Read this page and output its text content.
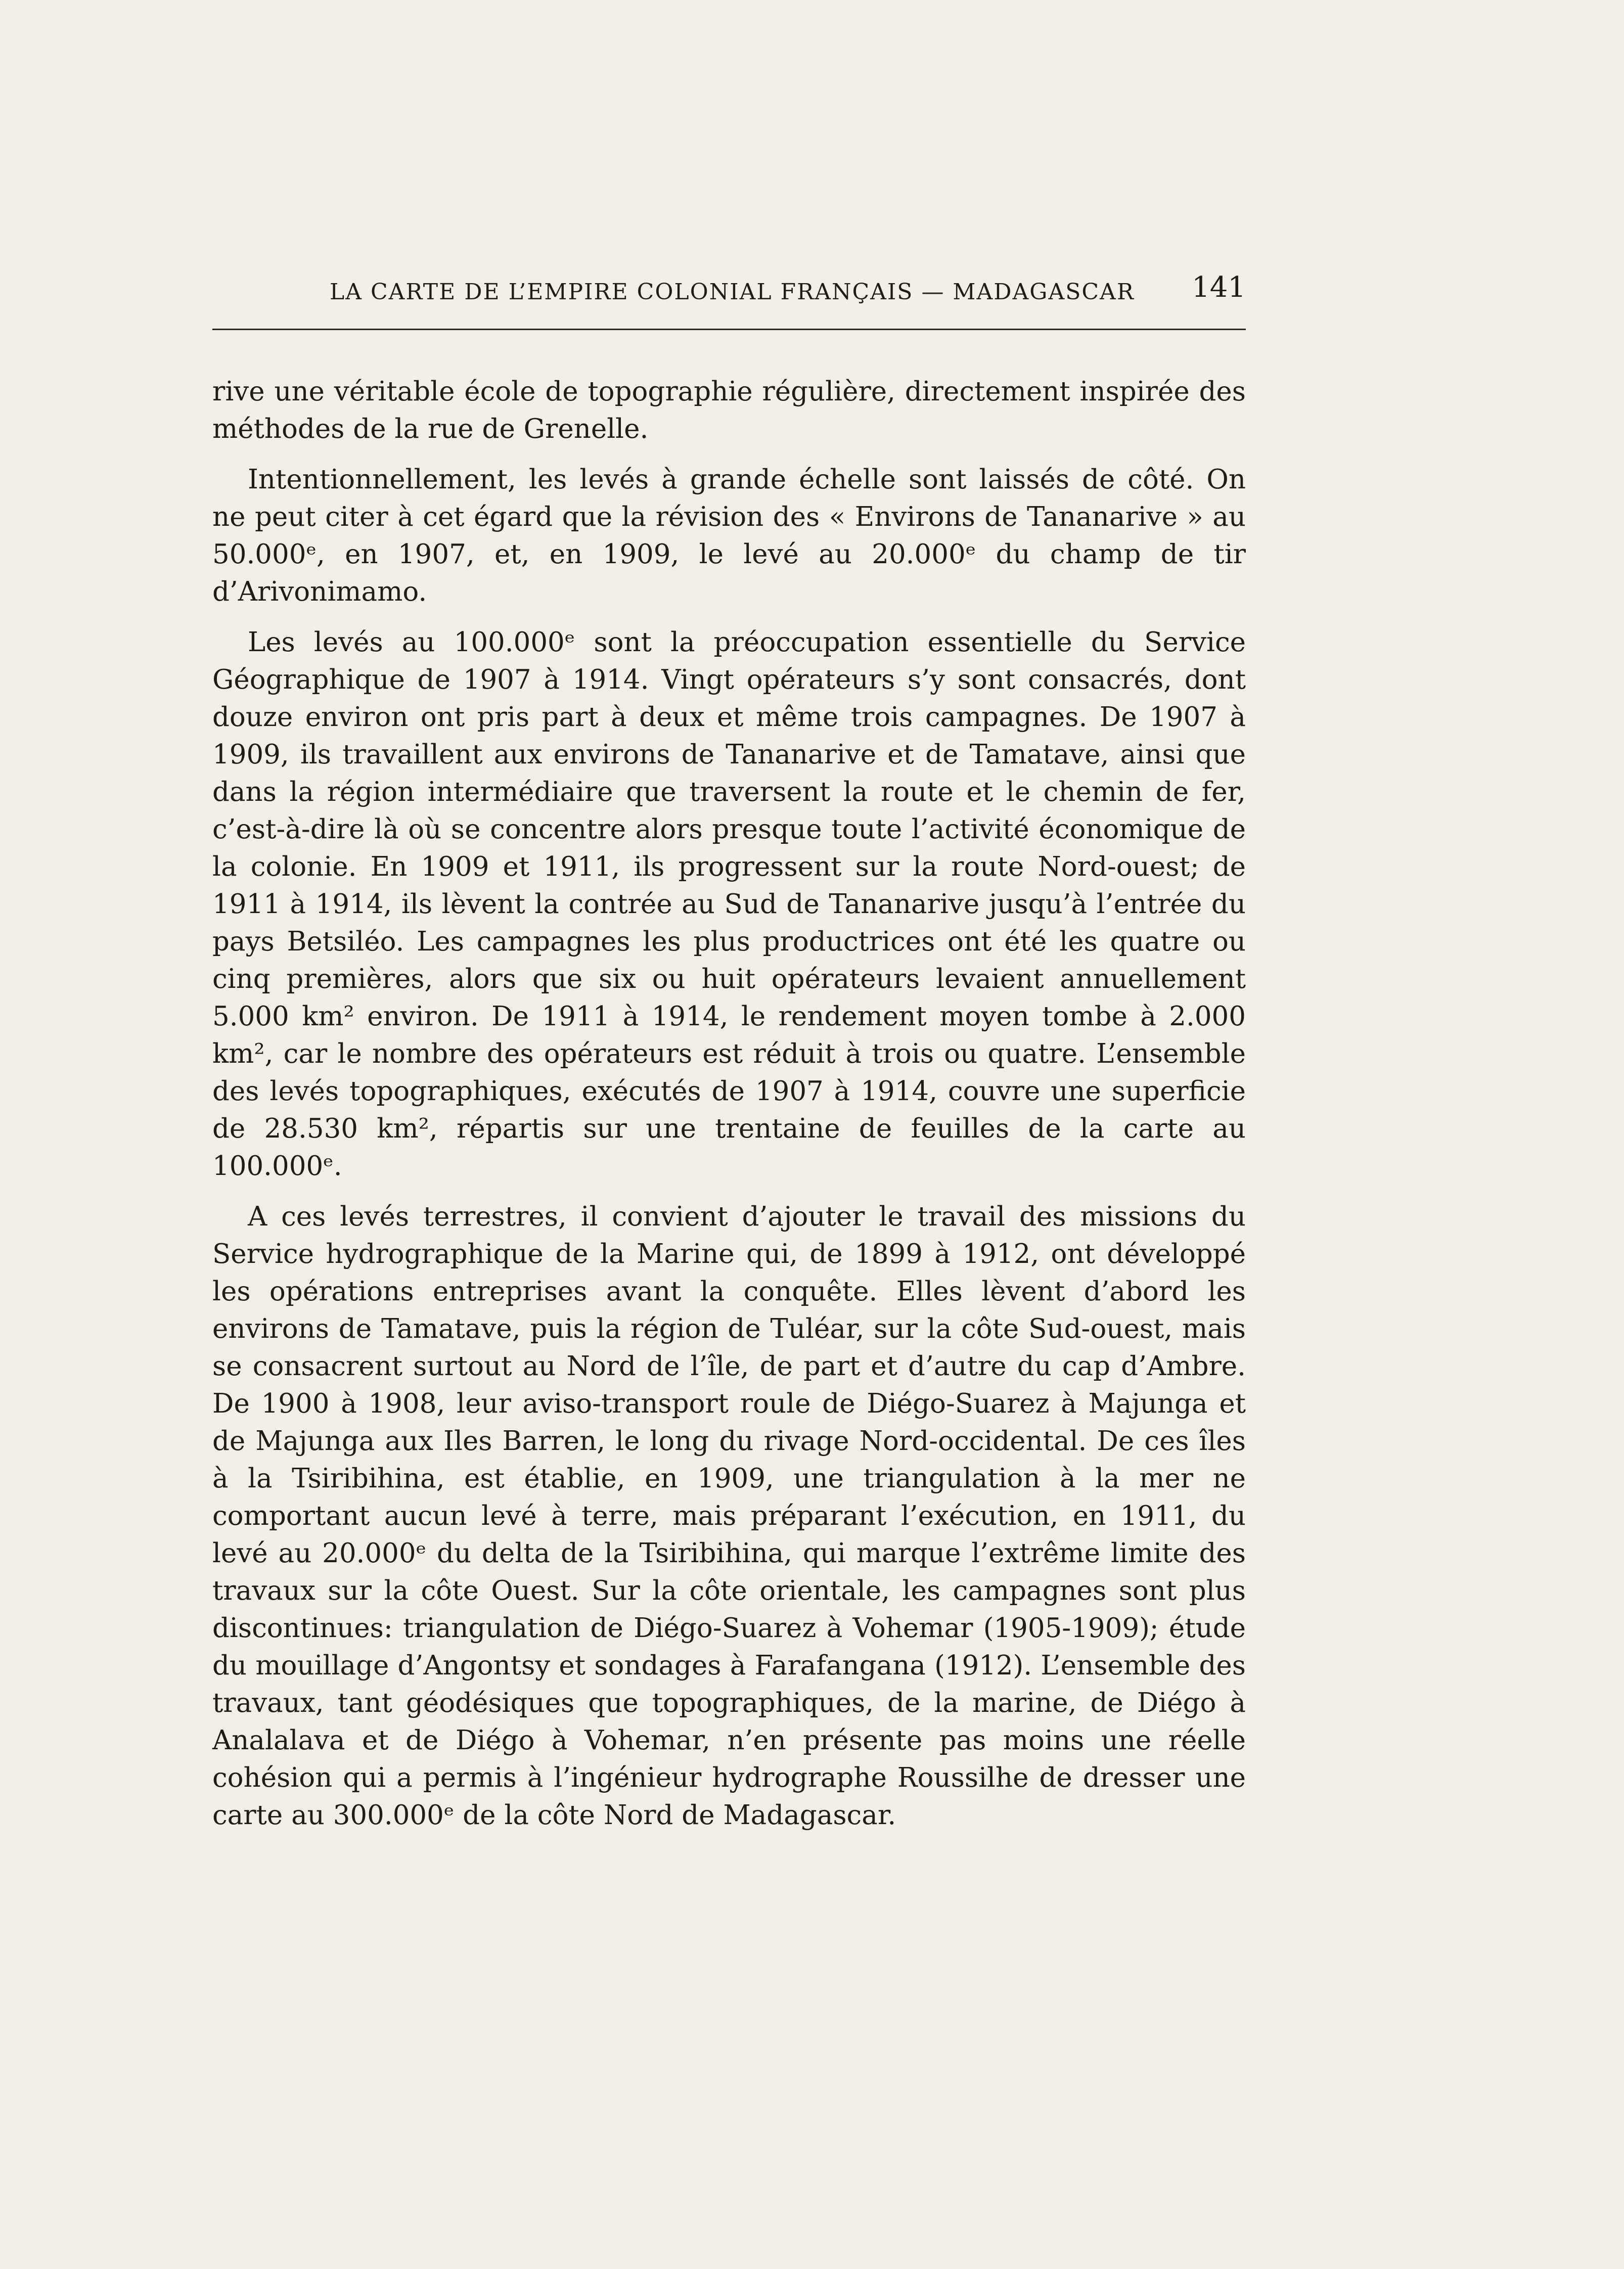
LA CARTE DE L’EMPIRE COLONIAL FRANÇAIS — MADAGASCAR 141

rive une véritable école de topographie régulière, directement inspirée des méthodes de la rue de Grenelle.

Intentionnellement, les levés à grande échelle sont laissés de côté. On ne peut citer à cet égard que la révision des « Environs de Tananarive » au 50.000ᵉ, en 1907, et, en 1909, le levé au 20.000ᵉ du champ de tir d’Arivonimamo.

Les levés au 100.000ᵉ sont la préoccupation essentielle du Service Géographique de 1907 à 1914. Vingt opérateurs s’y sont consacrés, dont douze environ ont pris part à deux et même trois campagnes. De 1907 à 1909, ils travaillent aux environs de Tananarive et de Tamatave, ainsi que dans la région intermédiaire que traversent la route et le chemin de fer, c’est-à-dire là où se concentre alors presque toute l’activité économique de la colonie. En 1909 et 1911, ils progressent sur la route Nord-ouest; de 1911 à 1914, ils lèvent la contrée au Sud de Tananarive jusqu’à l’entrée du pays Betsiléo. Les campagnes les plus productrices ont été les quatre ou cinq premières, alors que six ou huit opérateurs levaient annuellement 5.000 km² environ. De 1911 à 1914, le rendement moyen tombe à 2.000 km², car le nombre des opérateurs est réduit à trois ou quatre. L’ensemble des levés topographiques, exécutés de 1907 à 1914, couvre une superficie de 28.530 km², répartis sur une trentaine de feuilles de la carte au 100.000ᵉ.

A ces levés terrestres, il convient d’ajouter le travail des missions du Service hydrographique de la Marine qui, de 1899 à 1912, ont développé les opérations entreprises avant la conquête. Elles lèvent d’abord les environs de Tamatave, puis la région de Tuléar, sur la côte Sud-ouest, mais se consacrent surtout au Nord de l’île, de part et d’autre du cap d’Ambre. De 1900 à 1908, leur aviso-transport roule de Diégo-Suarez à Majunga et de Majunga aux Iles Barren, le long du rivage Nord-occidental. De ces îles à la Tsiribihina, est établie, en 1909, une triangulation à la mer ne comportant aucun levé à terre, mais préparant l’exécution, en 1911, du levé au 20.000ᵉ du delta de la Tsiribihina, qui marque l’extrême limite des travaux sur la côte Ouest. Sur la côte orientale, les campagnes sont plus discontinues: triangulation de Diégo-Suarez à Vohemar (1905-1909); étude du mouillage d’Angontsy et sondages à Farafangana (1912). L’ensemble des travaux, tant géodésiques que topographiques, de la marine, de Diégo à Analalava et de Diégo à Vohemar, n’en présente pas moins une réelle cohésion qui a permis à l’ingénieur hydrographe Roussilhe de dresser une carte au 300.000ᵉ de la côte Nord de Madagascar.
